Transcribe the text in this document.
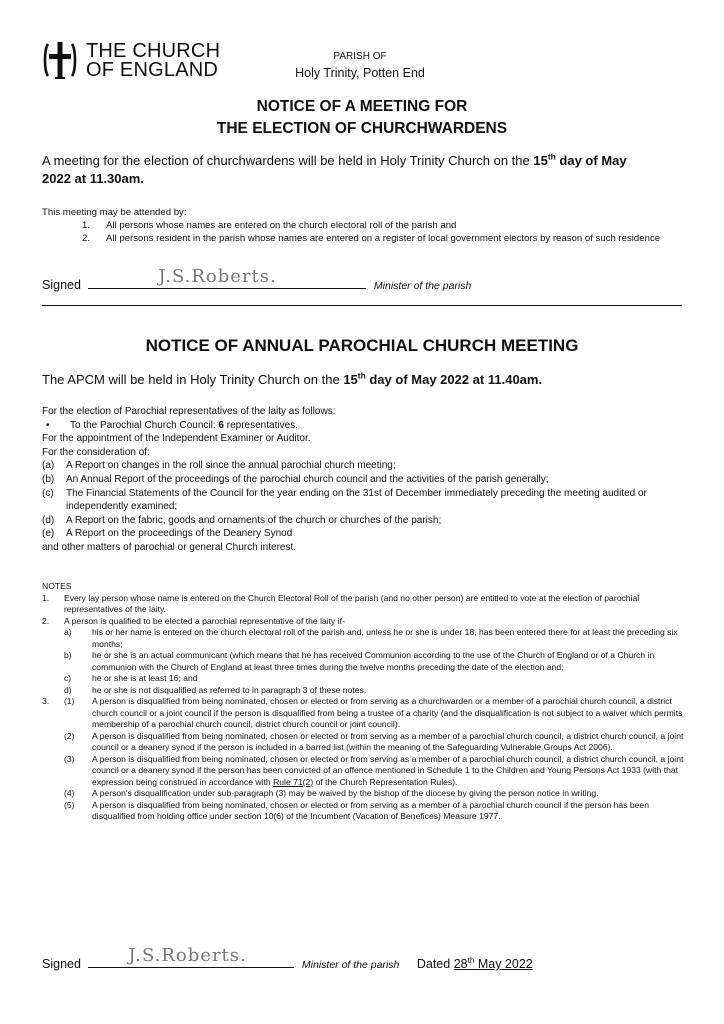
THE CHURCH
OF ENGLAND
PARISH OF
Holy Trinity, Potten End
NOTICE OF A MEETING FOR
THE ELECTION OF CHURCHWARDENS
A meeting for the election of churchwardens will be held in Holy Trinity Church on the 15th day of May
2022 at 11.30am.
This meeting may be attended by:
1.	All persons whose names are entered on the church electoral roll of the parish and
2.	All persons resident in the parish whose names are entered on a register of local government electors by reason of such residence
Signed	J.S.Roberts.	Minister of the parish
NOTICE OF ANNUAL PAROCHIAL CHURCH MEETING
The APCM will be held in Holy Trinity Church on the 15th day of May 2022 at 11.40am.
For the election of Parochial representatives of the laity as follows:
•	To the Parochial Church Council: 6 representatives.
For the appointment of the Independent Examiner or Auditor.
For the consideration of:
(a)	A Report on changes in the roll since the annual parochial church meeting;
(b)	An Annual Report of the proceedings of the parochial church council and the activities of the parish generally;
(c)	The Financial Statements of the Council for the year ending on the 31st of December immediately preceding the meeting audited or independently examined;
(d)	A Report on the fabric, goods and ornaments of the church or churches of the parish;
(e)	A Report on the proceedings of the Deanery Synod
and other matters of parochial or general Church interest.
NOTES
1.	Every lay person whose name is entered on the Church Electoral Roll of the parish (and no other person) are entitled to vote at the election of parochial representatives of the laity.
2.	A person is qualified to be elected a parochial representative of the laity if-
a)	his or her name is entered on the church electoral roll of the parish and, unless he or she is under 18, has been entered there for at least the preceding six months;
b)	he or she is an actual communicant (which means that he has received Communion according to the use of the Church of England or of a Church in communion with the Church of England at least three times during the twelve months preceding the date of the election and;
c)	he or she is at least 16; and
d)	he or she is not disqualified as referred to in paragraph 3 of these notes.
3.	(1)	A person is disqualified from being nominated, chosen or elected or from serving as a churchwarden or a member of a parochial church council, a district church council or a joint council if the person is disqualified from being a trustee of a charity (and the disqualification is not subject to a waiver which permits membership of a parochial church council, district church council or joint council).
(2)	A person is disqualified from being nominated, chosen or elected or from serving as a member of a parochial church council, a district church council, a joint council or a deanery synod if the person is included in a barred list (within the meaning of the Safeguarding Vulnerable Groups Act 2006).
(3)	A person is disqualified from being nominated, chosen or elected or from serving as a member of a parochial church council, a district church council, a joint council or a deanery synod if the person has been convicted of an offence mentioned in Schedule 1 to the Children and Young Persons Act 1933 (with that expression being construed in accordance with Rule 71(2) of the Church Representation Rules).
(4)	A person's disqualification under sub-paragraph (3) may be waived by the bishop of the diocese by giving the person notice in writing.
(5)	A person is disqualified from being nominated, chosen or elected or from serving as a member of a parochial church council if the person has been disqualified from holding office under section 10(6) of the Incumbent (Vacation of Benefices) Measure 1977.
Signed	J.S.Roberts.	Minister of the parish Dated 28th May 2022
